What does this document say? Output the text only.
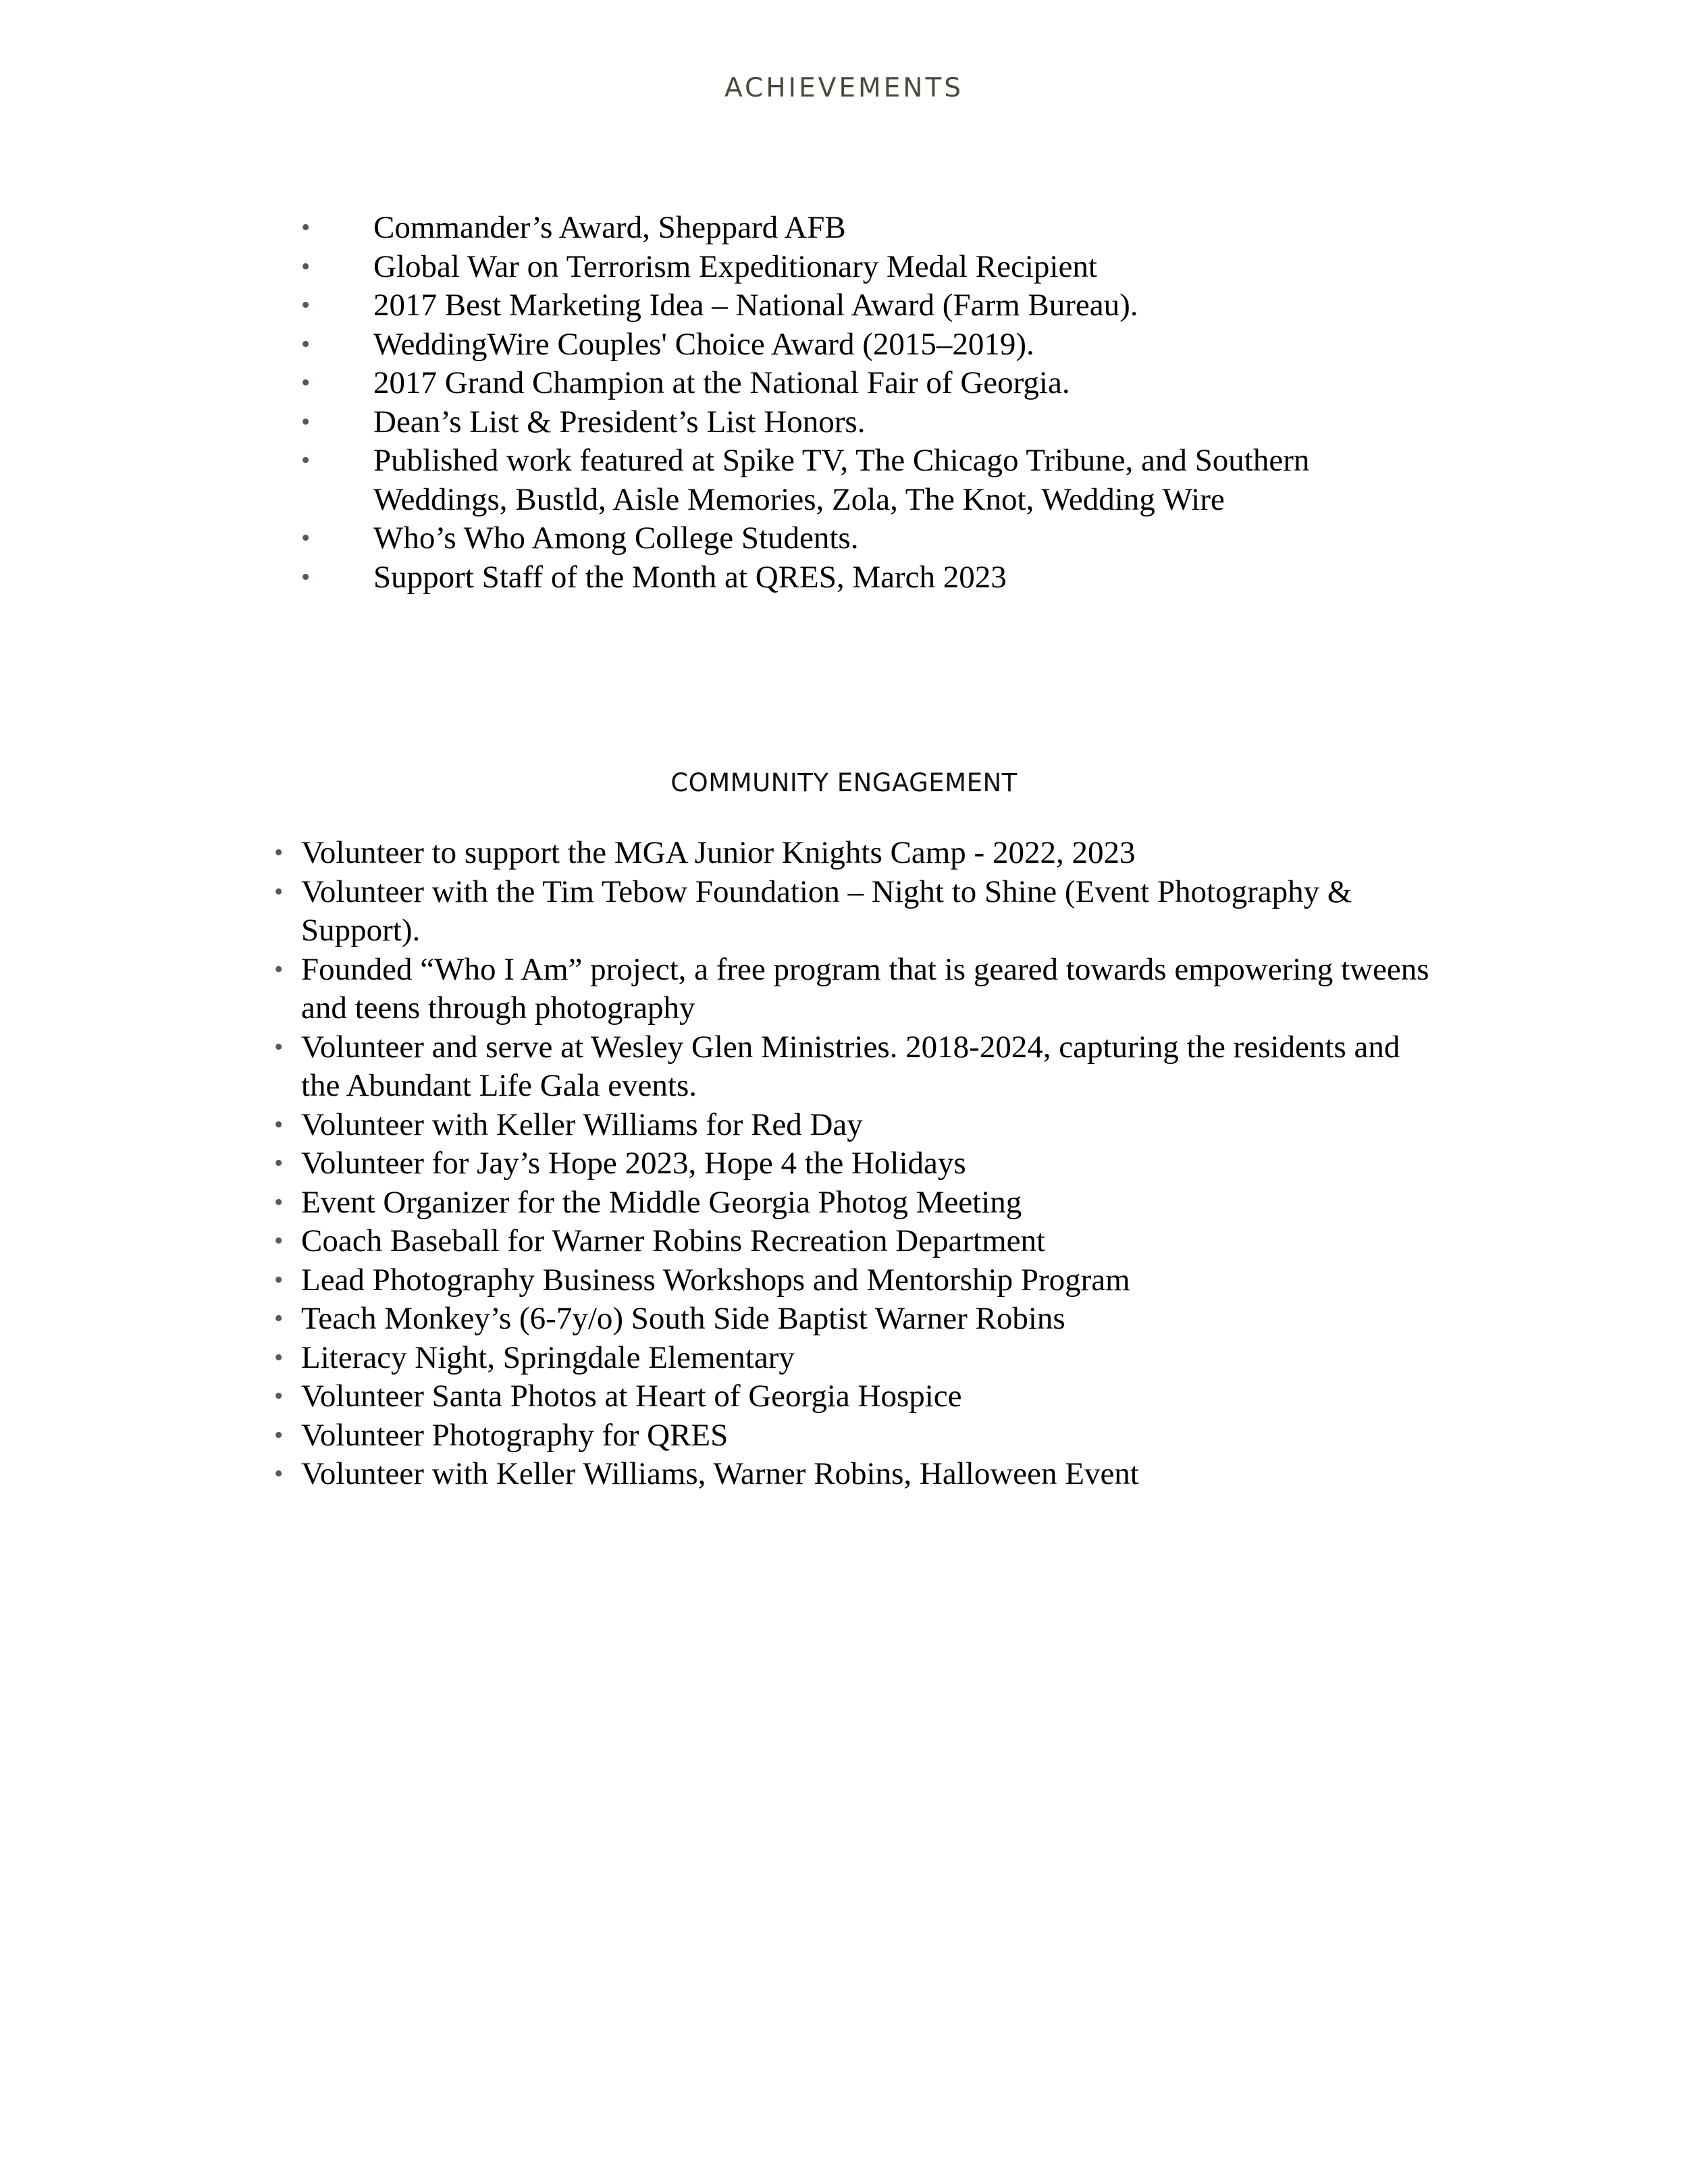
ACHIEVEMENTS
• Commander’s Award, Sheppard AFB
• Global War on Terrorism Expeditionary Medal Recipient
• 2017 Best Marketing Idea – National Award (Farm Bureau).
• WeddingWire Couples' Choice Award (2015–2019).
• 2017 Grand Champion at the National Fair of Georgia.
• Dean’s List & President’s List Honors.
• Published work featured at Spike TV, The Chicago Tribune, and Southern Weddings, Bustld, Aisle Memories, Zola, The Knot, Wedding Wire
• Who’s Who Among College Students.
• Support Staff of the Month at QRES, March 2023
COMMUNITY ENGAGEMENT
• Volunteer to support the MGA Junior Knights Camp - 2022, 2023
• Volunteer with the Tim Tebow Foundation – Night to Shine (Event Photography & Support).
• Founded “Who I Am” project, a free program that is geared towards empowering tweens and teens through photography
• Volunteer and serve at Wesley Glen Ministries. 2018-2024, capturing the residents and the Abundant Life Gala events.
• Volunteer with Keller Williams for Red Day
• Volunteer for Jay’s Hope 2023, Hope 4 the Holidays
• Event Organizer for the Middle Georgia Photog Meeting
• Coach Baseball for Warner Robins Recreation Department
• Lead Photography Business Workshops and Mentorship Program
• Teach Monkey’s (6-7y/o) South Side Baptist Warner Robins
• Literacy Night, Springdale Elementary
• Volunteer Santa Photos at Heart of Georgia Hospice
• Volunteer Photography for QRES
• Volunteer with Keller Williams, Warner Robins, Halloween Event
